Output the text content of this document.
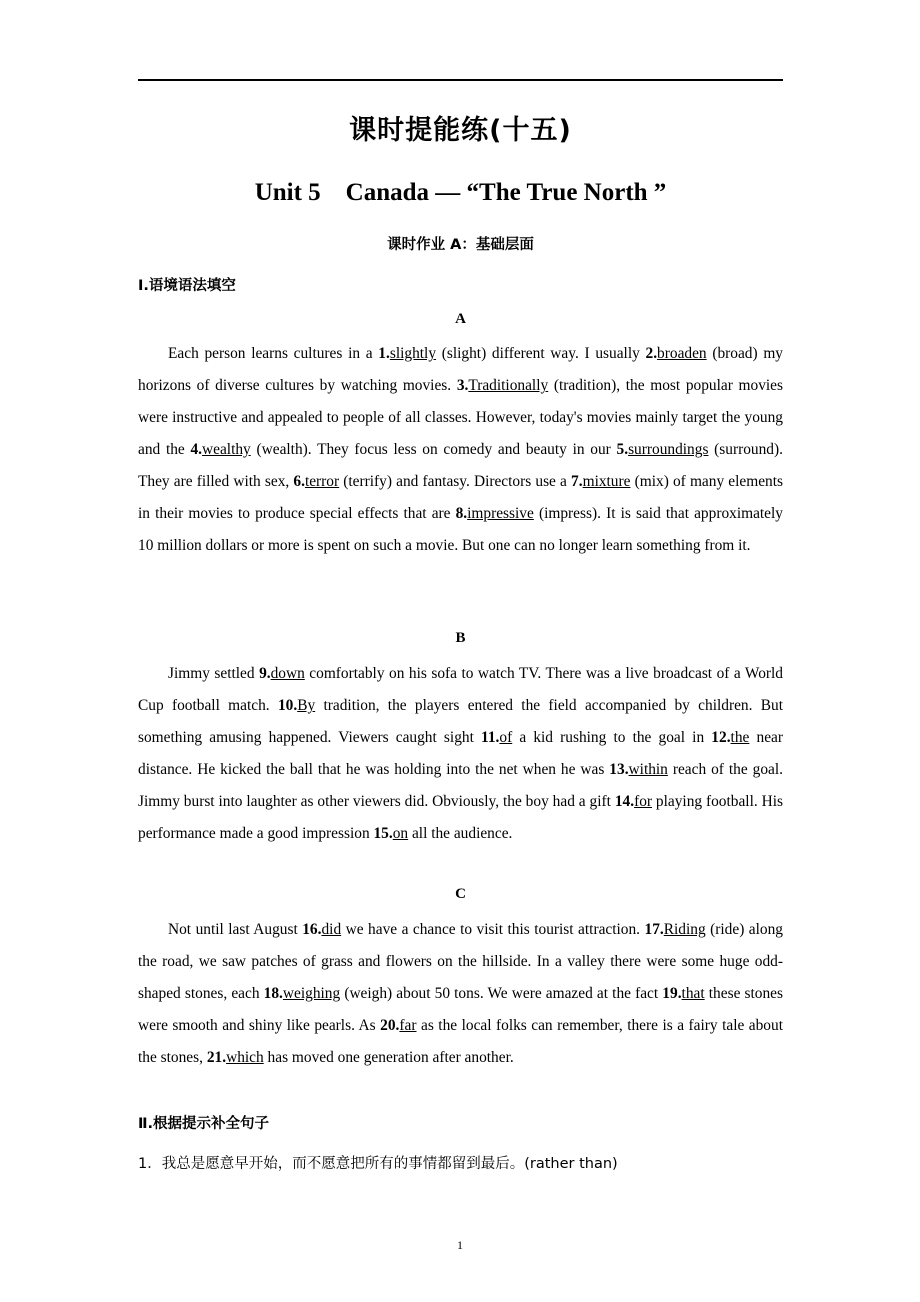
课时提能练(十五)
Unit 5　Canada — “The True North ”
课时作业 A：基础层面
Ⅰ.语境语法填空
A
Each person learns cultures in a 1.slightly (slight) different way. I usually 2.broaden (broad) my horizons of diverse cultures by watching movies. 3.Traditionally (tradition), the most popular movies were instructive and appealed to people of all classes. However, today's movies mainly target the young and the 4.wealthy (wealth). They focus less on comedy and beauty in our 5.surroundings (surround). They are filled with sex, 6.terror (terrify) and fantasy. Directors use a 7.mixture (mix) of many elements in their movies to produce special effects that are 8.impressive (impress). It is said that approximately 10 million dollars or more is spent on such a movie. But one can no longer learn something from it.
B
Jimmy settled 9.down comfortably on his sofa to watch TV. There was a live broadcast of a World Cup football match. 10.By tradition, the players entered the field accompanied by children. But something amusing happened. Viewers caught sight 11.of a kid rushing to the goal in 12.the near distance. He kicked the ball that he was holding into the net when he was 13.within reach of the goal. Jimmy burst into laughter as other viewers did. Obviously, the boy had a gift 14.for playing football. His performance made a good impression 15.on all the audience.
C
Not until last August 16.did we have a chance to visit this tourist attraction. 17.Riding (ride) along the road, we saw patches of grass and flowers on the hillside. In a valley there were some huge odd- shaped stones, each 18.weighing (weigh) about 50 tons. We were amazed at the fact 19.that these stones were smooth and shiny like pearls. As 20.far as the local folks can remember, there is a fairy tale about the stones, 21.which has moved one generation after another.
Ⅱ.根据提示补全句子
1．我总是愿意早开始，而不愿意把所有的事情都留到最后。(rather than)
1
